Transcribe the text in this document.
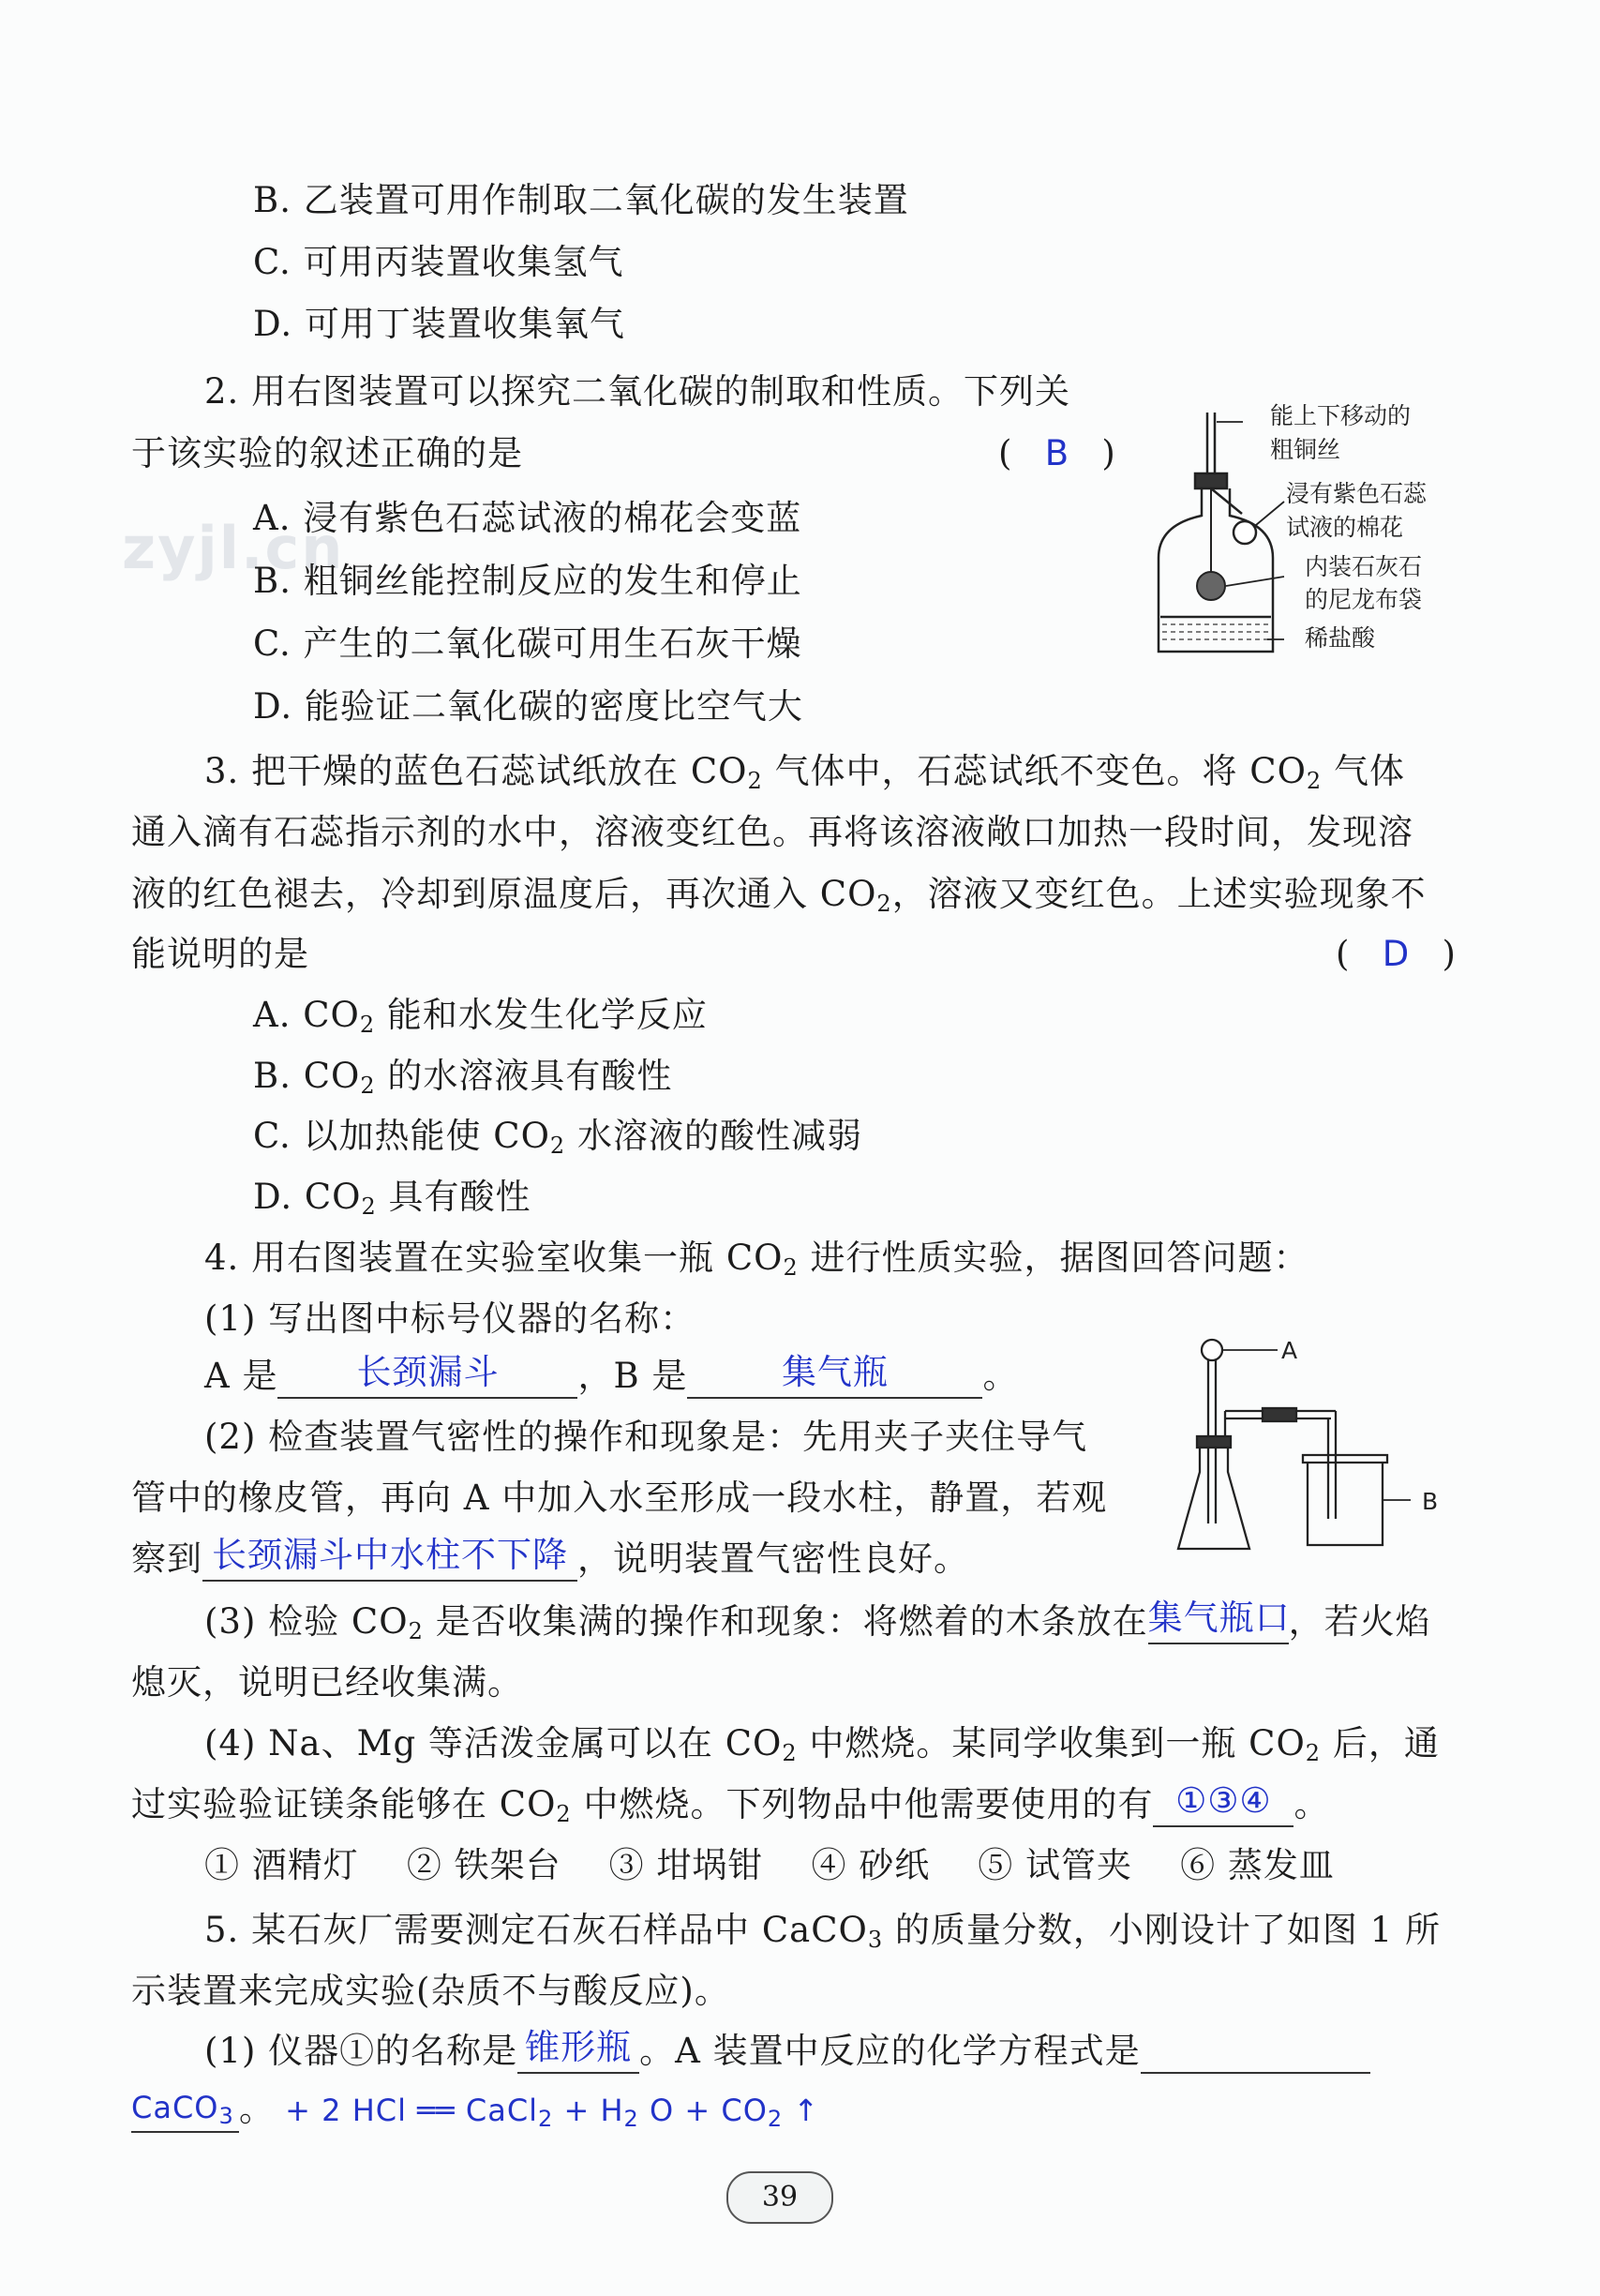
zyjl.cn
B. 乙装置可用作制取二氧化碳的发生装置
C. 可用丙装置收集氢气
D. 可用丁装置收集氧气
2. 用右图装置可以探究二氧化碳的制取和性质。下列关
于该实验的叙述正确的是	(   B   )
A. 浸有紫色石蕊试液的棉花会变蓝
B. 粗铜丝能控制反应的发生和停止
C. 产生的二氧化碳可用生石灰干燥
D. 能验证二氧化碳的密度比空气大
能上下移动的
粗铜丝
浸有紫色石蕊
试液的棉花
内装石灰石
的尼龙布袋
稀盐酸
3. 把干燥的蓝色石蕊试纸放在 $CO_2$ 气体中，石蕊试纸不变色。将 $CO_2$ 气体
通入滴有石蕊指示剂的水中，溶液变红色。再将该溶液敞口加热一段时间，发现溶
液的红色褪去，冷却到原温度后，再次通入 $CO_2$，溶液又变红色。上述实验现象不
能说明的是	(   D   )
A. $CO_2$ 能和水发生化学反应
B. $CO_2$ 的水溶液具有酸性
C. 以加热能使 $CO_2$ 水溶液的酸性减弱
D. $CO_2$ 具有酸性
4. 用右图装置在实验室收集一瓶 $CO_2$ 进行性质实验，据图回答问题：
(1) 写出图中标号仪器的名称：
A 是 长颈漏斗 ，B 是	集气瓶	。
(2) 检查装置气密性的操作和现象是：先用夹子夹住导气
管中的橡皮管，再向 A 中加入水至形成一段水柱，静置，若观
察到 长颈漏斗中水柱不下降 ，说明装置气密性良好。
(3) 检验 $CO_2$ 是否收集满的操作和现象：将燃着的木条放在集气瓶口，若火焰
熄灭，说明已经收集满。
(4) Na、Mg 等活泼金属可以在 $CO_2$ 中燃烧。某同学收集到一瓶 $CO_2$ 后，通
过实验验证镁条能够在 $CO_2$ 中燃烧。下列物品中他需要使用的有 ①③④ 。
① 酒精灯 ② 铁架台 ③ 坩埚钳 ④ 砂纸 ⑤ 试管夹 ⑥ 蒸发皿
A
B
5. 某石灰厂需要测定石灰石样品中 CaCO$_3$ 的质量分数，小刚设计了如图 1 所
示装置来完成实验(杂质不与酸反应)。
(1) 仪器①的名称是 锥形瓶 。A 装置中反应的化学方程式是
CaCO$_3$ 。 + 2 HCl ══ CaCl$_2$ + $H_2$ $O + CO_2$ ↑
39
